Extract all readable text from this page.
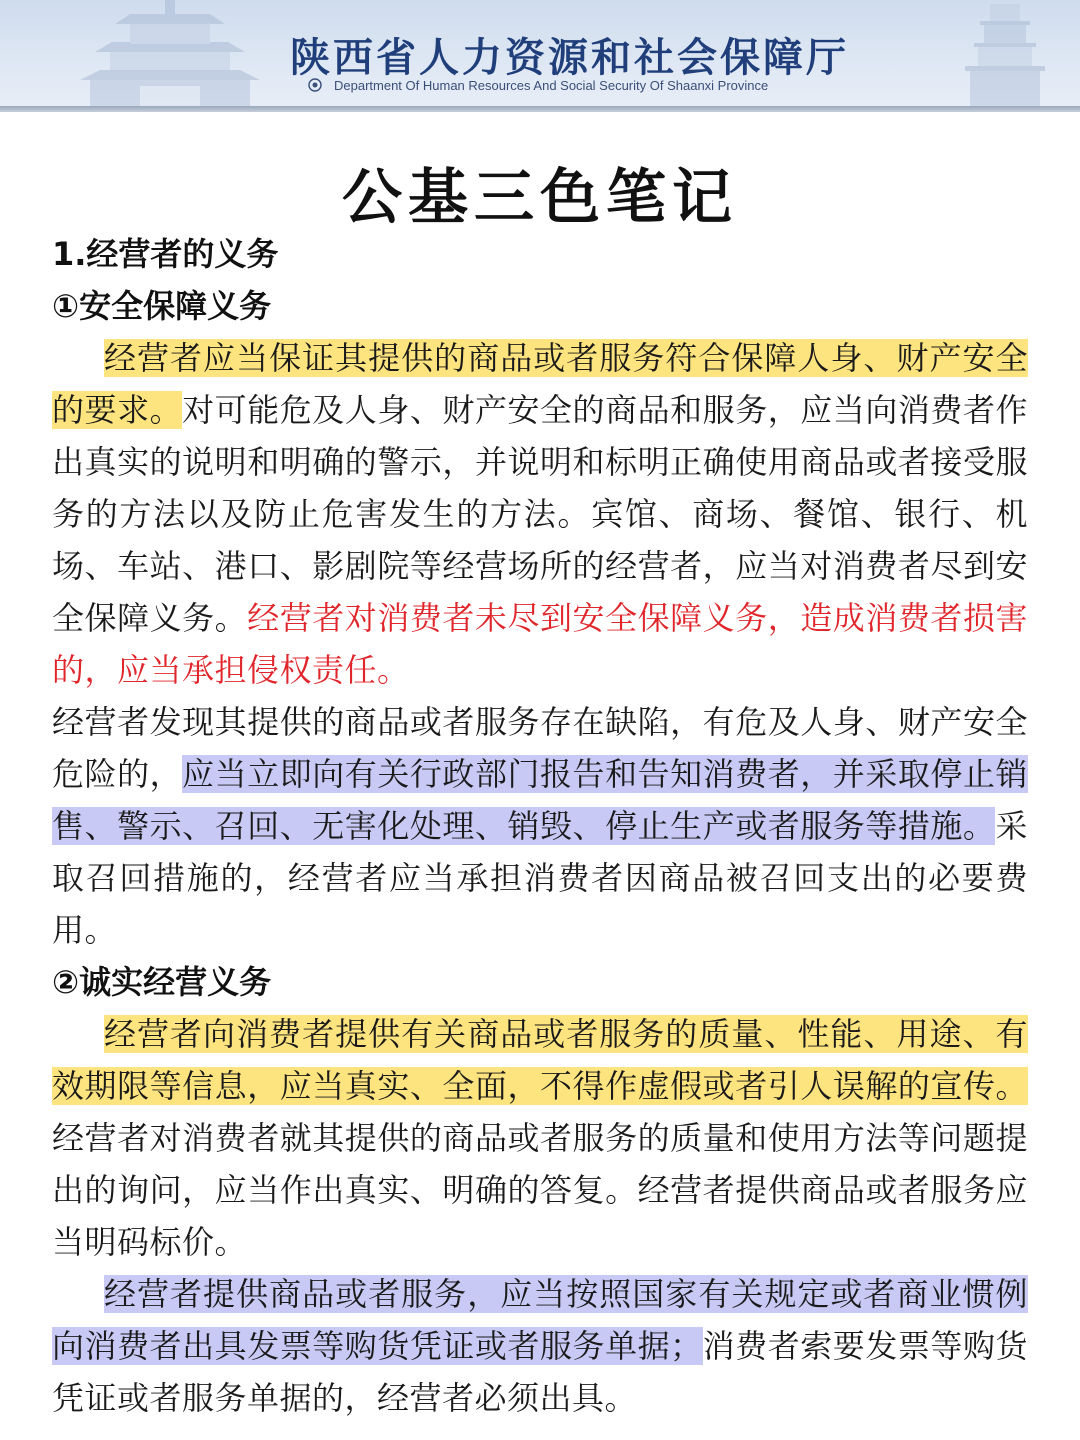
陕西省人力资源和社会保障厅
Department Of Human Resources And Social Security Of Shaanxi Province
公基三色笔记

1.经营者的义务

①安全保障义务

经营者应当保证其提供的商品或者服务符合保障人身、财产安全的要求。对可能危及人身、财产安全的商品和服务，应当向消费者作出真实的说明和明确的警示，并说明和标明正确使用商品或者接受服务的方法以及防止危害发生的方法。宾馆、商场、餐馆、银行、机场、车站、港口、影剧院等经营场所的经营者，应当对消费者尽到安全保障义务。经营者对消费者未尽到安全保障义务，造成消费者损害的，应当承担侵权责任。

经营者发现其提供的商品或者服务存在缺陷，有危及人身、财产安全危险的，应当立即向有关行政部门报告和告知消费者，并采取停止销售、警示、召回、无害化处理、销毁、停止生产或者服务等措施。采取召回措施的，经营者应当承担消费者因商品被召回支出的必要费用。

②诚实经营义务

经营者向消费者提供有关商品或者服务的质量、性能、用途、有效期限等信息，应当真实、全面，不得作虚假或者引人误解的宣传。经营者对消费者就其提供的商品或者服务的质量和使用方法等问题提出的询问，应当作出真实、明确的答复。经营者提供商品或者服务应当明码标价。

经营者提供商品或者服务，应当按照国家有关规定或者商业惯例向消费者出具发票等购货凭证或者服务单据；消费者索要发票等购货凭证或者服务单据的，经营者必须出具。
